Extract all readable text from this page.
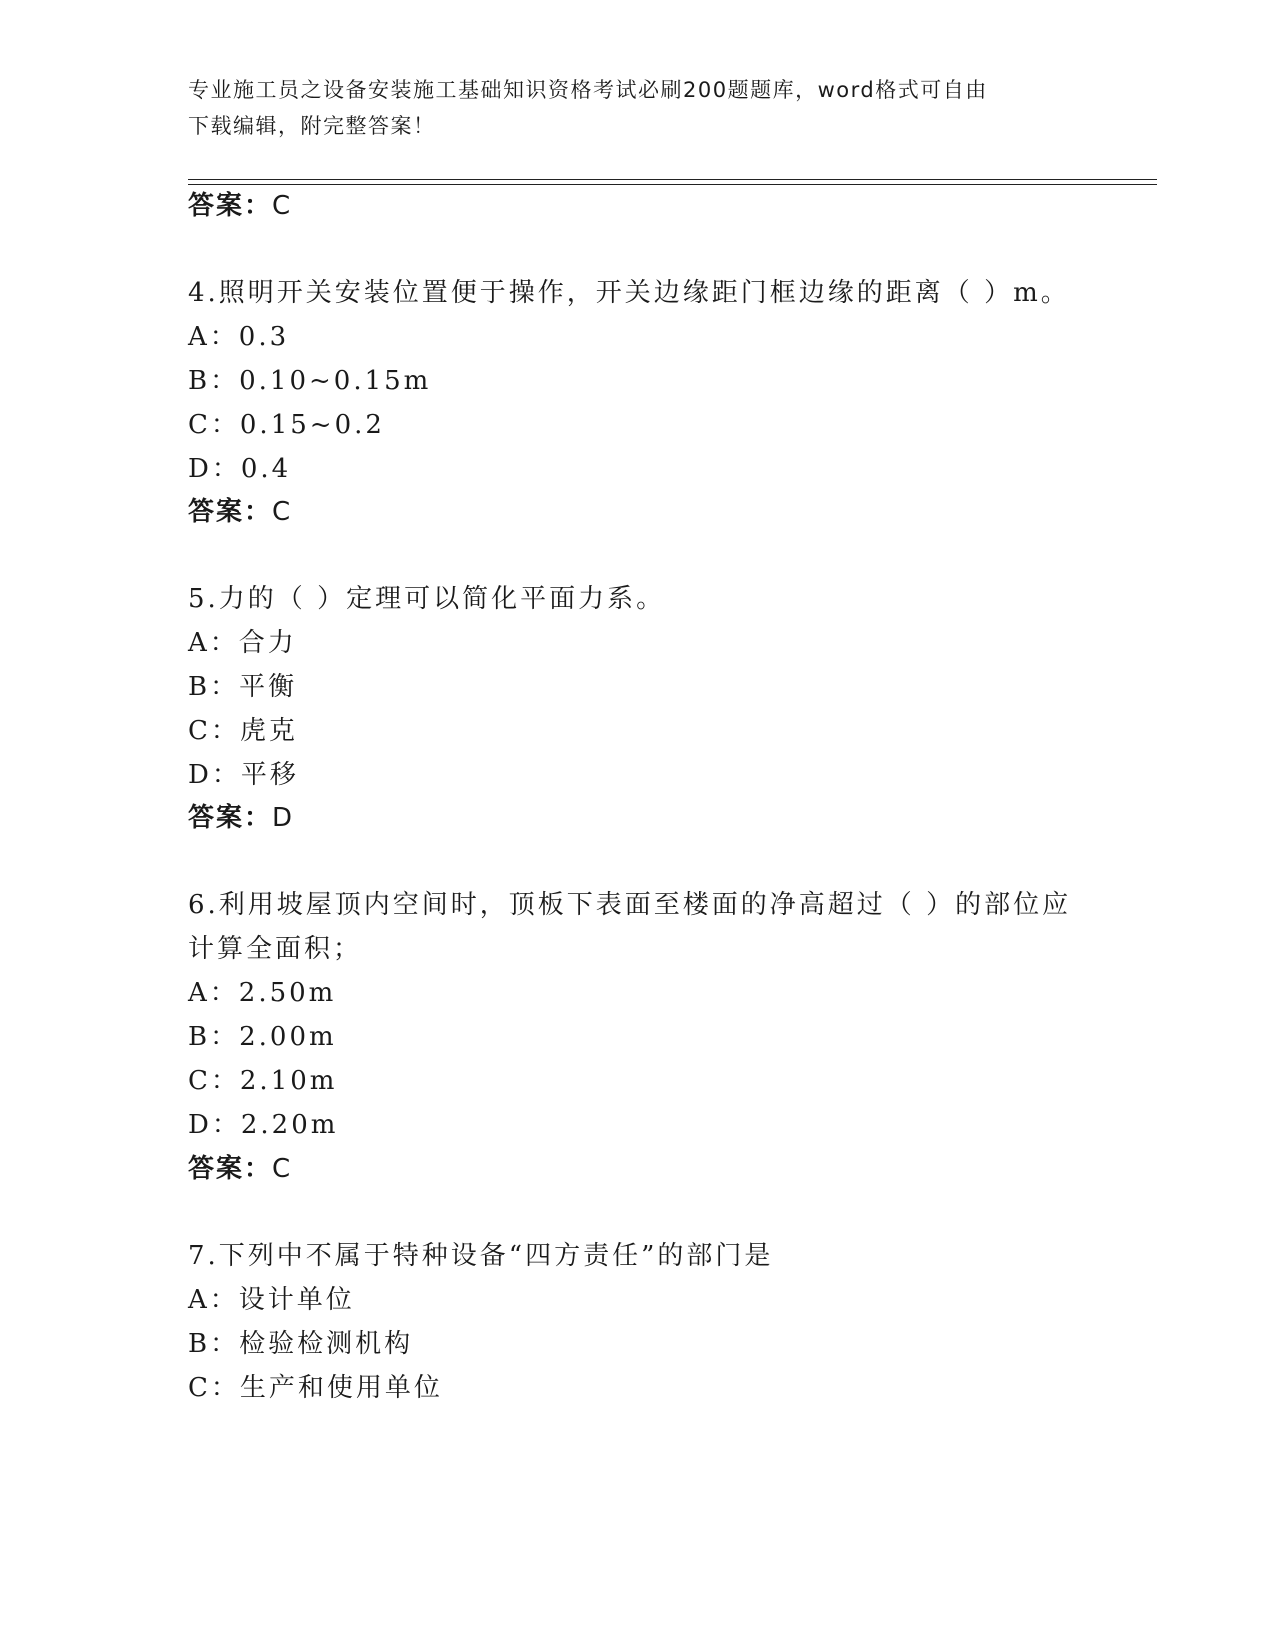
专业施工员之设备安装施工基础知识资格考试必刷200题题库，word格式可自由
下载编辑，附完整答案！
答案：C
4.照明开关安装位置便于操作，开关边缘距门框边缘的距离（ ）m。
A：0.3
B：0.10~0.15m
C：0.15~0.2
D：0.4
答案：C
5.力的（ ）定理可以简化平面力系。
A：合力
B：平衡
C：虎克
D：平移
答案：D
6.利用坡屋顶内空间时，顶板下表面至楼面的净高超过（ ）的部位应
计算全面积；
A：2.50m
B：2.00m
C：2.10m
D：2.20m
答案：C
7.下列中不属于特种设备“四方责任”的部门是
A：设计单位
B：检验检测机构
C：生产和使用单位
